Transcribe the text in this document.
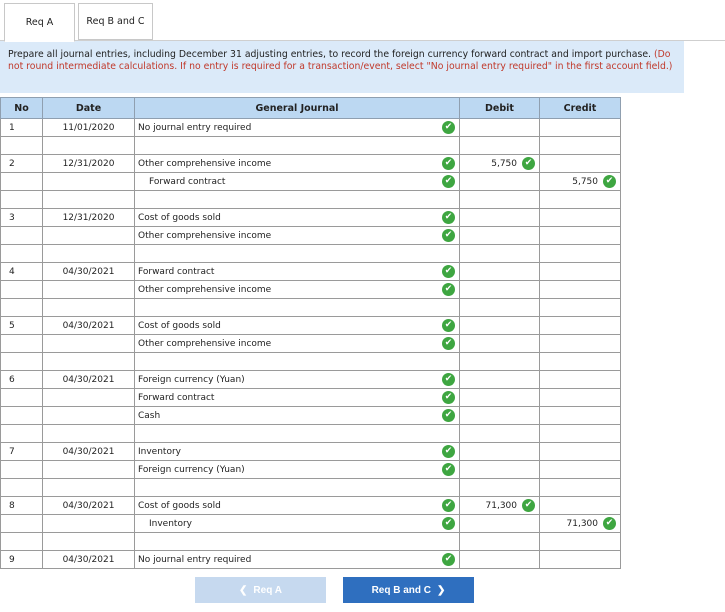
Req A	Req B and C
Prepare all journal entries, including December 31 adjusting entries, to record the foreign currency forward contract and import purchase. (Do not round intermediate calculations. If no entry is required for a transaction/event, select "No journal entry required" in the first account field.)
No	Date	General Journal	Debit	Credit
1	11/01/2020	No journal entry required ✔		

2	12/31/2020	Other comprehensive income ✔	5,750 ✔	

		Forward contract ✔		5,750 ✔

3	12/31/2020	Cost of goods sold ✔		

		Other comprehensive income ✔		

4	04/30/2021	Forward contract ✔		

		Other comprehensive income ✔		

5	04/30/2021	Cost of goods sold ✔		

		Other comprehensive income ✔		

6	04/30/2021	Foreign currency (Yuan) ✔		

		Forward contract ✔		

		Cash ✔		

7	04/30/2021	Inventory ✔		

		Foreign currency (Yuan) ✔		

8	04/30/2021	Cost of goods sold ✔	71,300 ✔	

		Inventory ✔		71,300 ✔

9	04/30/2021	No journal entry required ✔		

❮ Req A	Req B and C ❯
